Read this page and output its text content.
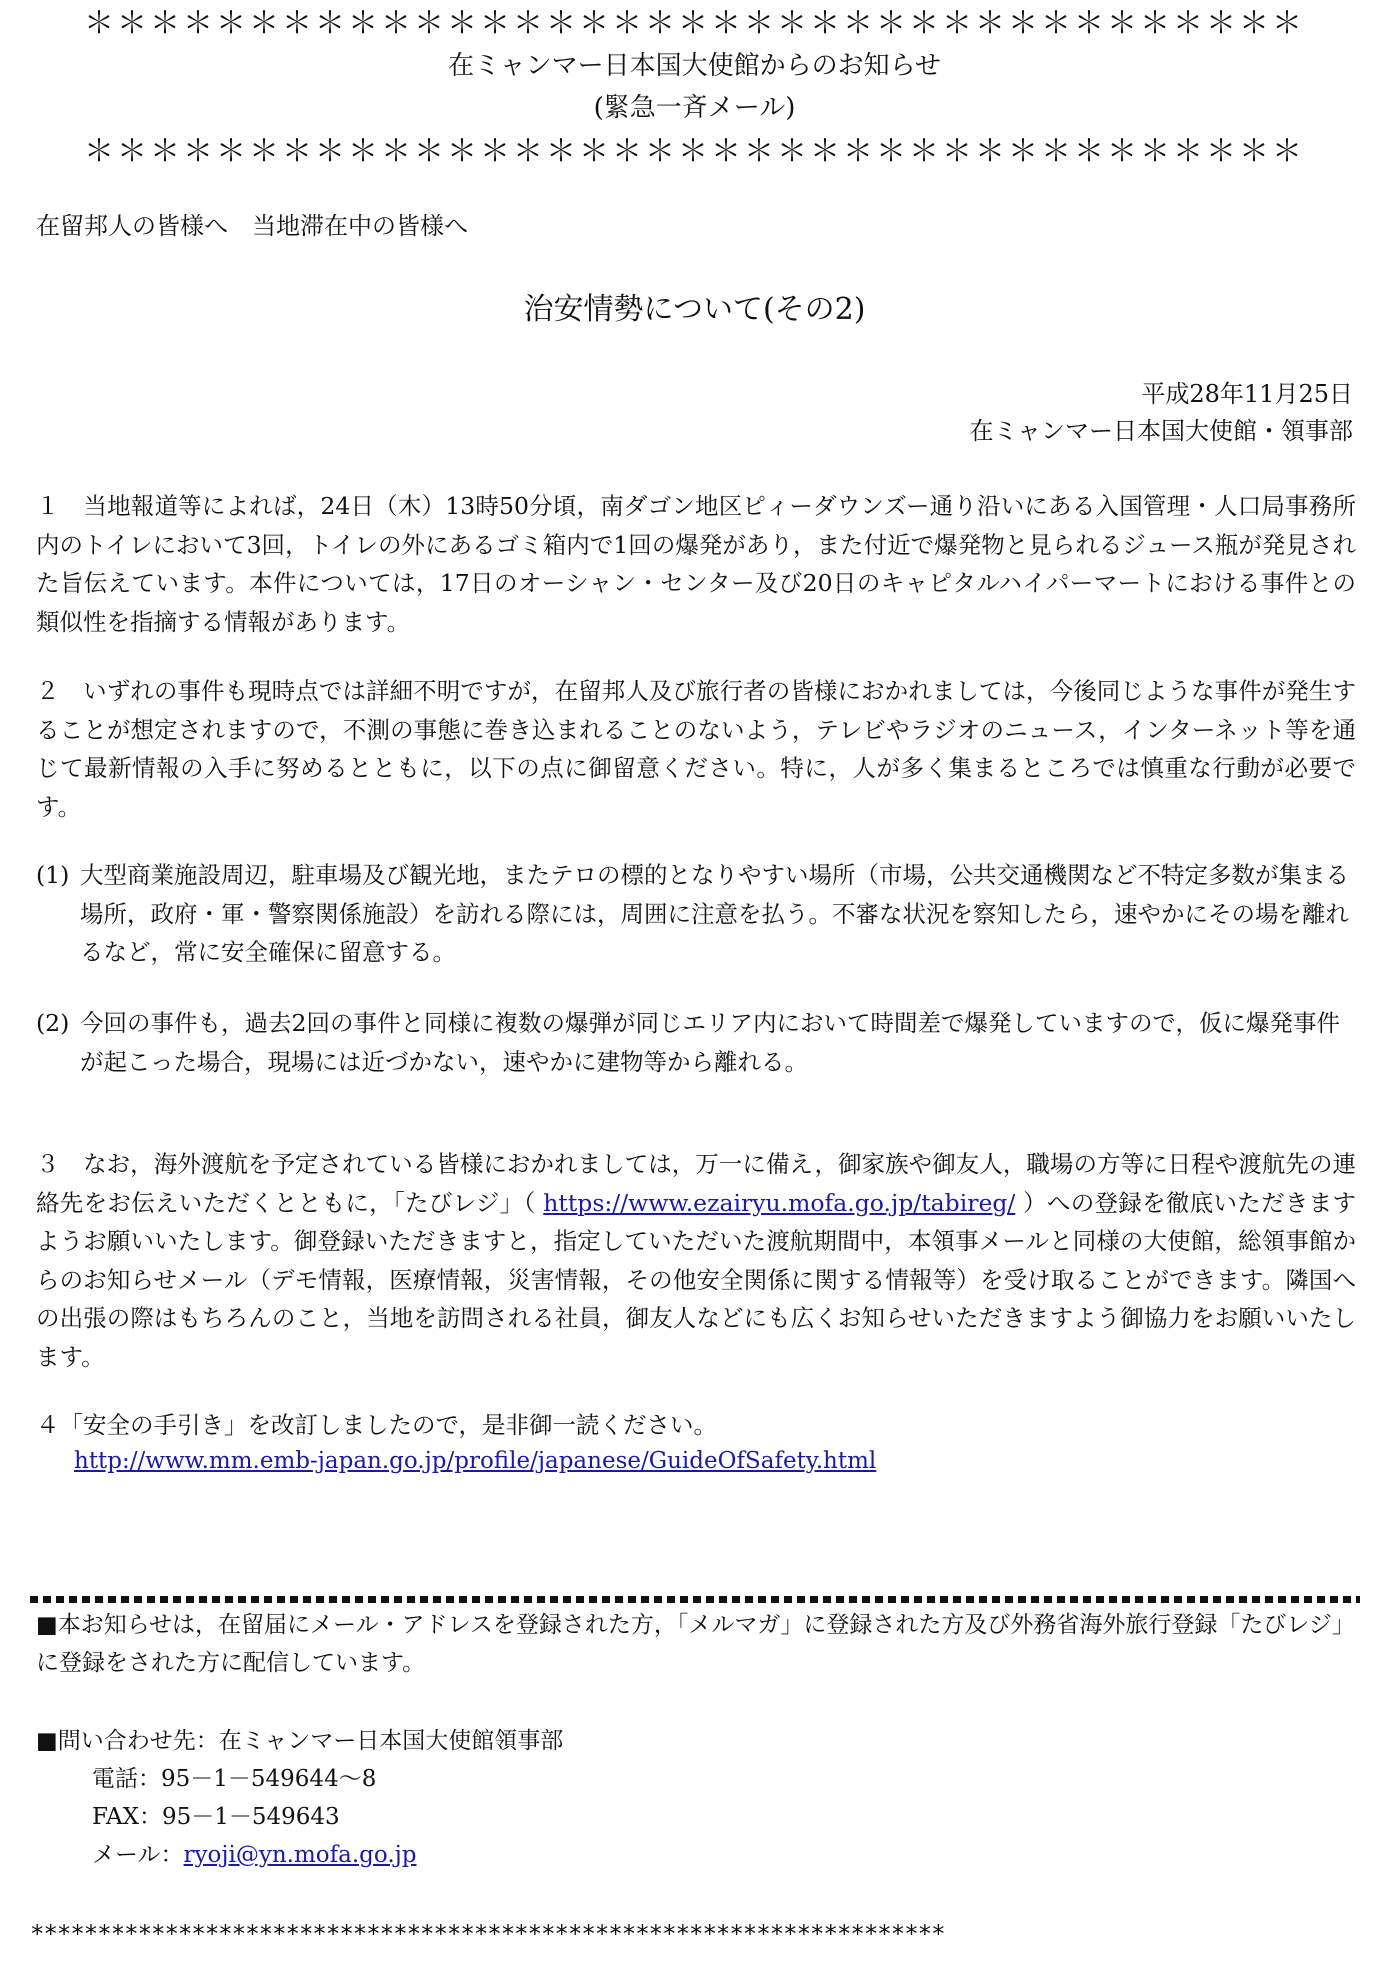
＊＊＊＊＊＊＊＊＊＊＊＊＊＊＊＊＊＊＊＊＊＊＊＊＊＊＊＊＊＊＊＊＊＊＊＊＊
在ミャンマー日本国大使館からのお知らせ
(緊急一斉メール)
＊＊＊＊＊＊＊＊＊＊＊＊＊＊＊＊＊＊＊＊＊＊＊＊＊＊＊＊＊＊＊＊＊＊＊＊＊
在留邦人の皆様へ　当地滞在中の皆様へ
治安情勢について(その2)
平成28年11月25日
在ミャンマー日本国大使館・領事部
１　当地報道等によれば，24日（木）13時50分頃，南ダゴン地区ピィーダウンズー通り沿いにある入国管理・人口局事務所内のトイレにおいて3回，トイレの外にあるゴミ箱内で1回の爆発があり，また付近で爆発物と見られるジュース瓶が発見された旨伝えています。本件については，17日のオーシャン・センター及び20日のキャピタルハイパーマートにおける事件との類似性を指摘する情報があります。
２　いずれの事件も現時点では詳細不明ですが，在留邦人及び旅行者の皆様におかれましては，今後同じような事件が発生することが想定されますので，不測の事態に巻き込まれることのないよう，テレビやラジオのニュース，インターネット等を通じて最新情報の入手に努めるとともに，以下の点に御留意ください。特に，人が多く集まるところでは慎重な行動が必要です。
(1) 大型商業施設周辺，駐車場及び観光地，またテロの標的となりやすい場所（市場，公共交通機関など不特定多数が集まる場所，政府・軍・警察関係施設）を訪れる際には，周囲に注意を払う。不審な状況を察知したら，速やかにその場を離れるなど，常に安全確保に留意する。
(2) 今回の事件も，過去2回の事件と同様に複数の爆弾が同じエリア内において時間差で爆発していますので，仮に爆発事件が起こった場合，現場には近づかない，速やかに建物等から離れる。
３　なお，海外渡航を予定されている皆様におかれましては，万一に備え，御家族や御友人，職場の方等に日程や渡航先の連絡先をお伝えいただくとともに，「たびレジ」（ https://www.ezairyu.mofa.go.jp/tabireg/ ）への登録を徹底いただきますようお願いいたします。御登録いただきますと，指定していただいた渡航期間中，本領事メールと同様の大使館，総領事館からのお知らせメール（デモ情報，医療情報，災害情報，その他安全関係に関する情報等）を受け取ることができます。隣国への出張の際はもちろんのこと，当地を訪問される社員，御友人などにも広くお知らせいただきますよう御協力をお願いいたします。
４「安全の手引き」を改訂しましたので，是非御一読ください。
http://www.mm.emb-japan.go.jp/profile/japanese/GuideOfSafety.html
■本お知らせは，在留届にメール・アドレスを登録された方，「メルマガ」に登録された方及び外務省海外旅行登録「たびレジ」に登録をされた方に配信しています。
■問い合わせ先：在ミャンマー日本国大使館領事部
電話：95－1－549644～8
FAX：95－1－549643
メール：ryoji@yn.mofa.go.jp
********************************************************************
